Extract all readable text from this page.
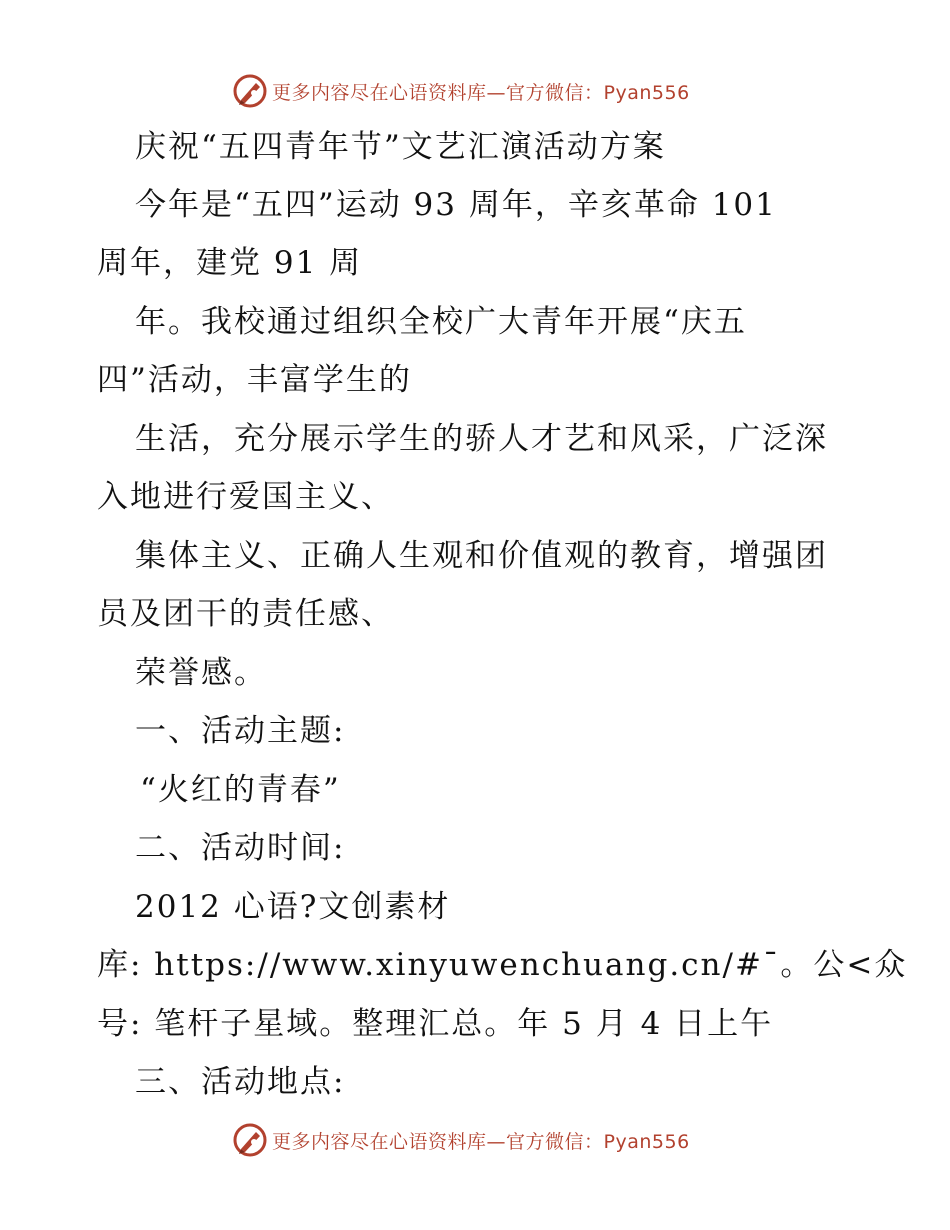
更多内容尽在心语资料库—官方微信：Pyan556
庆祝“五四青年节”文艺汇演活动方案
今年是“五四”运动 93 周年，辛亥革命 101
周年，建党 91 周
年。我校通过组织全校广大青年开展“庆五
四”活动，丰富学生的
生活，充分展示学生的骄人才艺和风采，广泛深
入地进行爱国主义、
集体主义、正确人生观和价值观的教育，增强团
员及团干的责任感、
荣誉感。
一、活动主题:
“火红的青春”
二、活动时间:
2012 心语?文创素材
库: https://www.xinyuwenchuang.cn/#¯。公<众
号: 笔杆子星域。整理汇总。年 5 月 4 日上午
三、活动地点:
更多内容尽在心语资料库—官方微信：Pyan556
